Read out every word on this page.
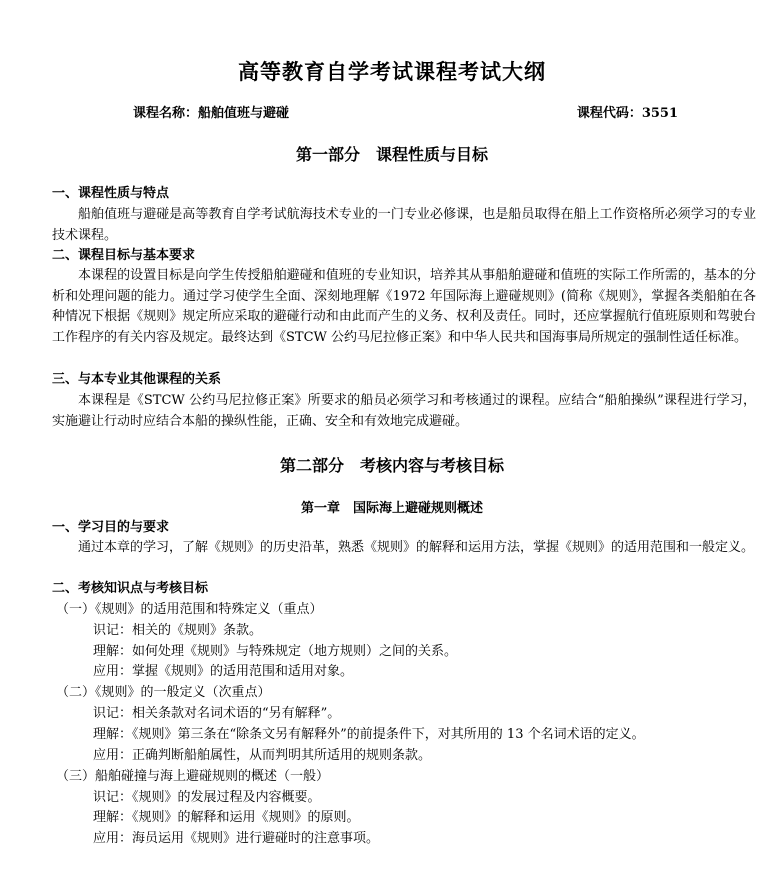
高等教育自学考试课程考试大纲
课程名称：船舶值班与避碰	课程代码：3551
第一部分　课程性质与目标
一、课程性质与特点
船舶值班与避碰是高等教育自学考试航海技术专业的一门专业必修课，也是船员取得在船上工作资格所必须学习的专业技术课程。
二、课程目标与基本要求
本课程的设置目标是向学生传授船舶避碰和值班的专业知识，培养其从事船舶避碰和值班的实际工作所需的，基本的分析和处理问题的能力。通过学习使学生全面、深刻地理解《1972 年国际海上避碰规则》(简称《规则》，掌握各类船舶在各种情况下根据《规则》规定所应采取的避碰行动和由此而产生的义务、权利及责任。同时，还应掌握航行值班原则和驾驶台工作程序的有关内容及规定。最终达到《STCW 公约马尼拉修正案》和中华人民共和国海事局所规定的强制性适任标准。
三、与本专业其他课程的关系
本课程是《STCW 公约马尼拉修正案》所要求的船员必须学习和考核通过的课程。应结合“船舶操纵”课程进行学习，实施避让行动时应结合本船的操纵性能，正确、安全和有效地完成避碰。
第二部分　考核内容与考核目标
第一章　国际海上避碰规则概述
一、学习目的与要求
通过本章的学习，了解《规则》的历史沿革，熟悉《规则》的解释和运用方法，掌握《规则》的适用范围和一般定义。
二、考核知识点与考核目标
（一）《规则》的适用范围和特殊定义（重点）
识记：相关的《规则》条款。
理解：如何处理《规则》与特殊规定（地方规则）之间的关系。
应用：掌握《规则》的适用范围和适用对象。
（二）《规则》的一般定义（次重点）
识记：相关条款对名词术语的“另有解释”。
理解：《规则》第三条在“除条文另有解释外”的前提条件下，对其所用的 13 个名词术语的定义。
应用：正确判断船舶属性，从而判明其所适用的规则条款。
（三）船舶碰撞与海上避碰规则的概述（一般）
识记：《规则》的发展过程及内容概要。
理解：《规则》的解释和运用《规则》的原则。
应用：海员运用《规则》进行避碰时的注意事项。
